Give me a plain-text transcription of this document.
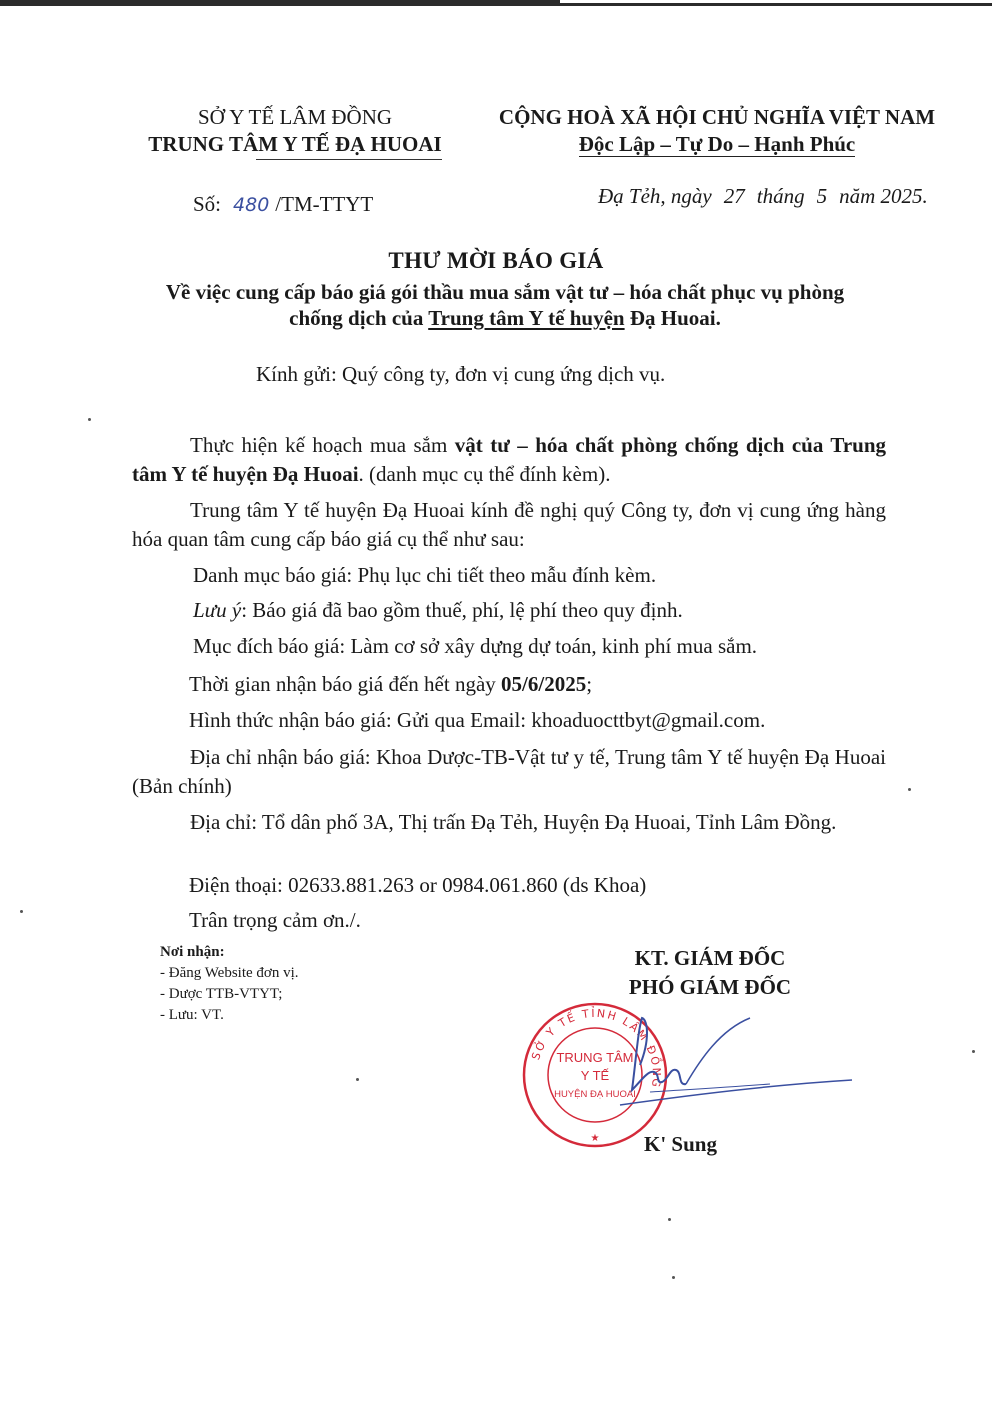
SỞ Y TẾ LÂM ĐỒNG
TRUNG TÂM Y TẾ ĐẠ HUOAI
CỘNG HOÀ XÃ HỘI CHỦ NGHĨA VIỆT NAM
Độc Lập – Tự Do – Hạnh Phúc
Số: 480 /TM-TTYT	Đạ Tẻh, ngày 27 tháng 5 năm 2025.
THƯ MỜI BÁO GIÁ
Về việc cung cấp báo giá gói thầu mua sắm vật tư – hóa chất phục vụ phòng
chống dịch của Trung tâm Y tế huyện Đạ Huoai.
Kính gửi: Quý công ty, đơn vị cung ứng dịch vụ.
Thực hiện kế hoạch mua sắm vật tư – hóa chất phòng chống dịch của Trung tâm Y tế huyện Đạ Huoai. (danh mục cụ thể đính kèm).
Trung tâm Y tế huyện Đạ Huoai kính đề nghị quý Công ty, đơn vị cung ứng hàng hóa quan tâm cung cấp báo giá cụ thể như sau:
Danh mục báo giá: Phụ lục chi tiết theo mẫu đính kèm.
Lưu ý: Báo giá đã bao gồm thuế, phí, lệ phí theo quy định.
Mục đích báo giá: Làm cơ sở xây dựng dự toán, kinh phí mua sắm.
Thời gian nhận báo giá đến hết ngày 05/6/2025;
Hình thức nhận báo giá: Gửi qua Email: khoaduocttbyt@gmail.com.
Địa chỉ nhận báo giá: Khoa Dược-TB-Vật tư y tế, Trung tâm Y tế huyện Đạ Huoai (Bản chính)
Địa chỉ: Tổ dân phố 3A, Thị trấn Đạ Tẻh, Huyện Đạ Huoai, Tỉnh Lâm Đồng.
Điện thoại: 02633.881.263 or 0984.061.860 (ds Khoa)
Trân trọng cảm ơn./.
Nơi nhận:
- Đăng Website đơn vị.
- Dược TTB-VTYT;
- Lưu: VT.
KT. GIÁM ĐỐC
PHÓ GIÁM ĐỐC
SỞ Y TẾ TỈNH LÂM ĐỒNG
TRUNG TÂM
Y TẾ
HUYỆN ĐẠ HUOAI
★ K' Sung
